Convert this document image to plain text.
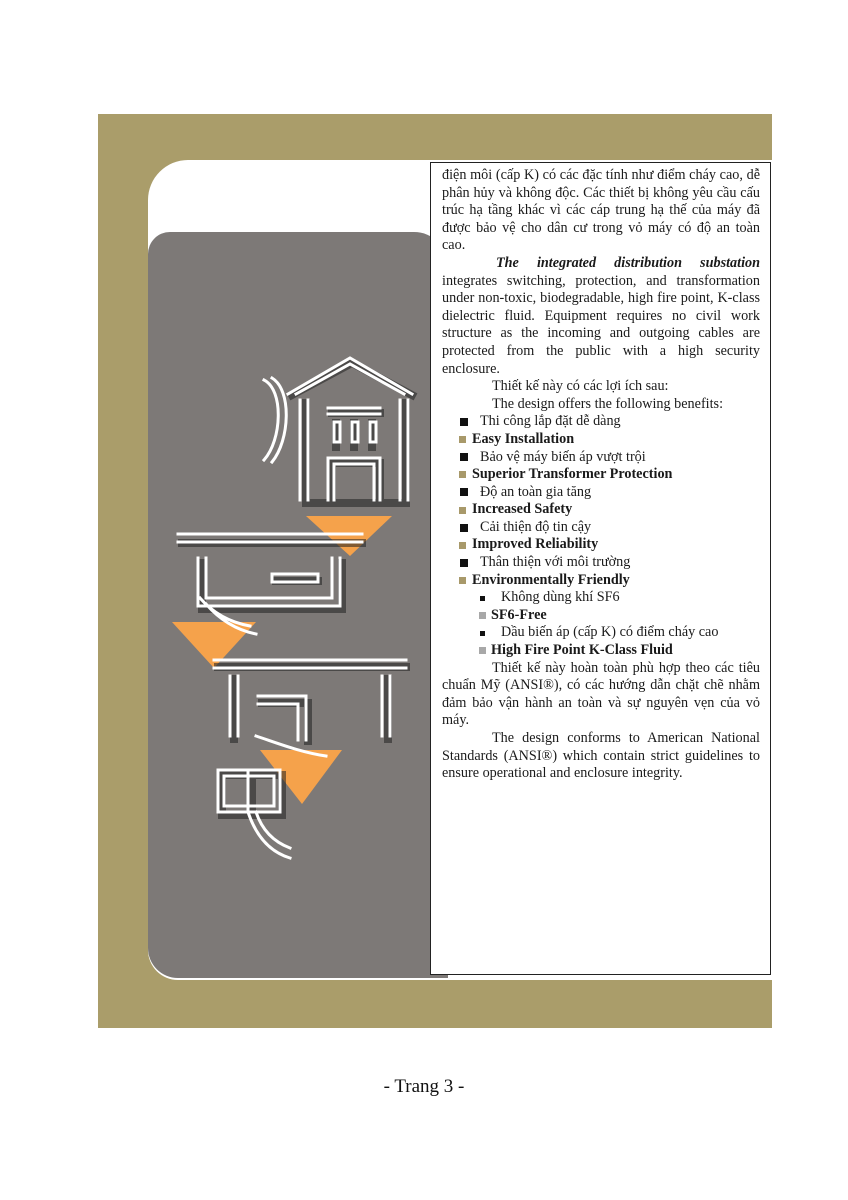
điện môi (cấp K) có các đặc tính như điểm cháy cao, dễ phân hủy và không độc. Các thiết bị không yêu cầu cấu trúc hạ tầng khác vì các cáp trung hạ thế của máy đã được bảo vệ cho dân cư trong vỏ máy có độ an toàn cao.

The integrated distribution substation integrates switching, protection, and transformation under non-toxic, biodegradable, high fire point, K-class dielectric fluid. Equipment requires no civil work structure as the incoming and outgoing cables are protected from the public with a high security enclosure.

Thiết kế này có các lợi ích sau:

The design offers the following benefits:

Thi công lắp đặt dễ dàng
Easy Installation
Bảo vệ máy biến áp vượt trội
Superior Transformer Protection
Độ an toàn gia tăng
Increased Safety
Cải thiện độ tin cậy
Improved Reliability
Thân thiện với môi trường
Environmentally Friendly
Không dùng khí SF6
SF6-Free
Dầu biến áp (cấp K) có điểm cháy cao
High Fire Point K-Class Fluid

Thiết kế này hoàn toàn phù hợp theo các tiêu chuẩn Mỹ (ANSI®), có các hướng dẫn chặt chẽ nhằm đảm bảo vận hành an toàn và sự nguyên vẹn của vỏ máy.

The design conforms to American National Standards (ANSI®) which contain strict guidelines to ensure operational and enclosure integrity.

- Trang 3 -
